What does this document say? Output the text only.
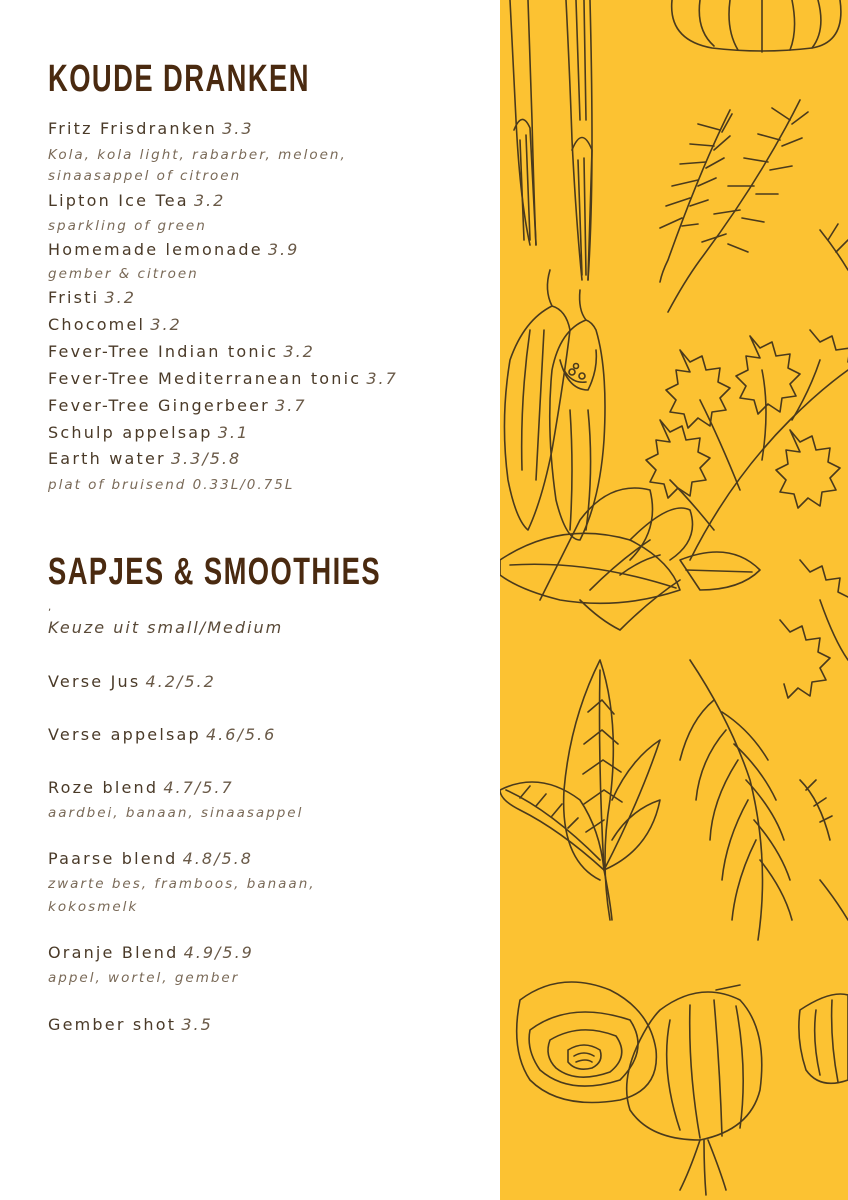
KOUDE DRANKEN
Fritz Frisdranken 3.3
Kola, kola light, rabarber, meloen,
sinaasappel of citroen
Lipton Ice Tea 3.2
sparkling of green
Homemade lemonade 3.9
gember & citroen
Fristi 3.2
Chocomel 3.2
Fever-Tree Indian tonic 3.2
Fever-Tree Mediterranean tonic 3.7
Fever-Tree Gingerbeer 3.7
Schulp appelsap 3.1
Earth water 3.3/5.8
plat of bruisend 0.33L/0.75L
SAPJES & SMOOTHIES
,
Keuze uit small/Medium
Verse Jus 4.2/5.2
Verse appelsap 4.6/5.6
Roze blend 4.7/5.7
aardbei, banaan, sinaasappel
Paarse blend 4.8/5.8
zwarte bes, framboos, banaan,
kokosmelk
Oranje Blend 4.9/5.9
appel, wortel, gember
Gember shot 3.5
